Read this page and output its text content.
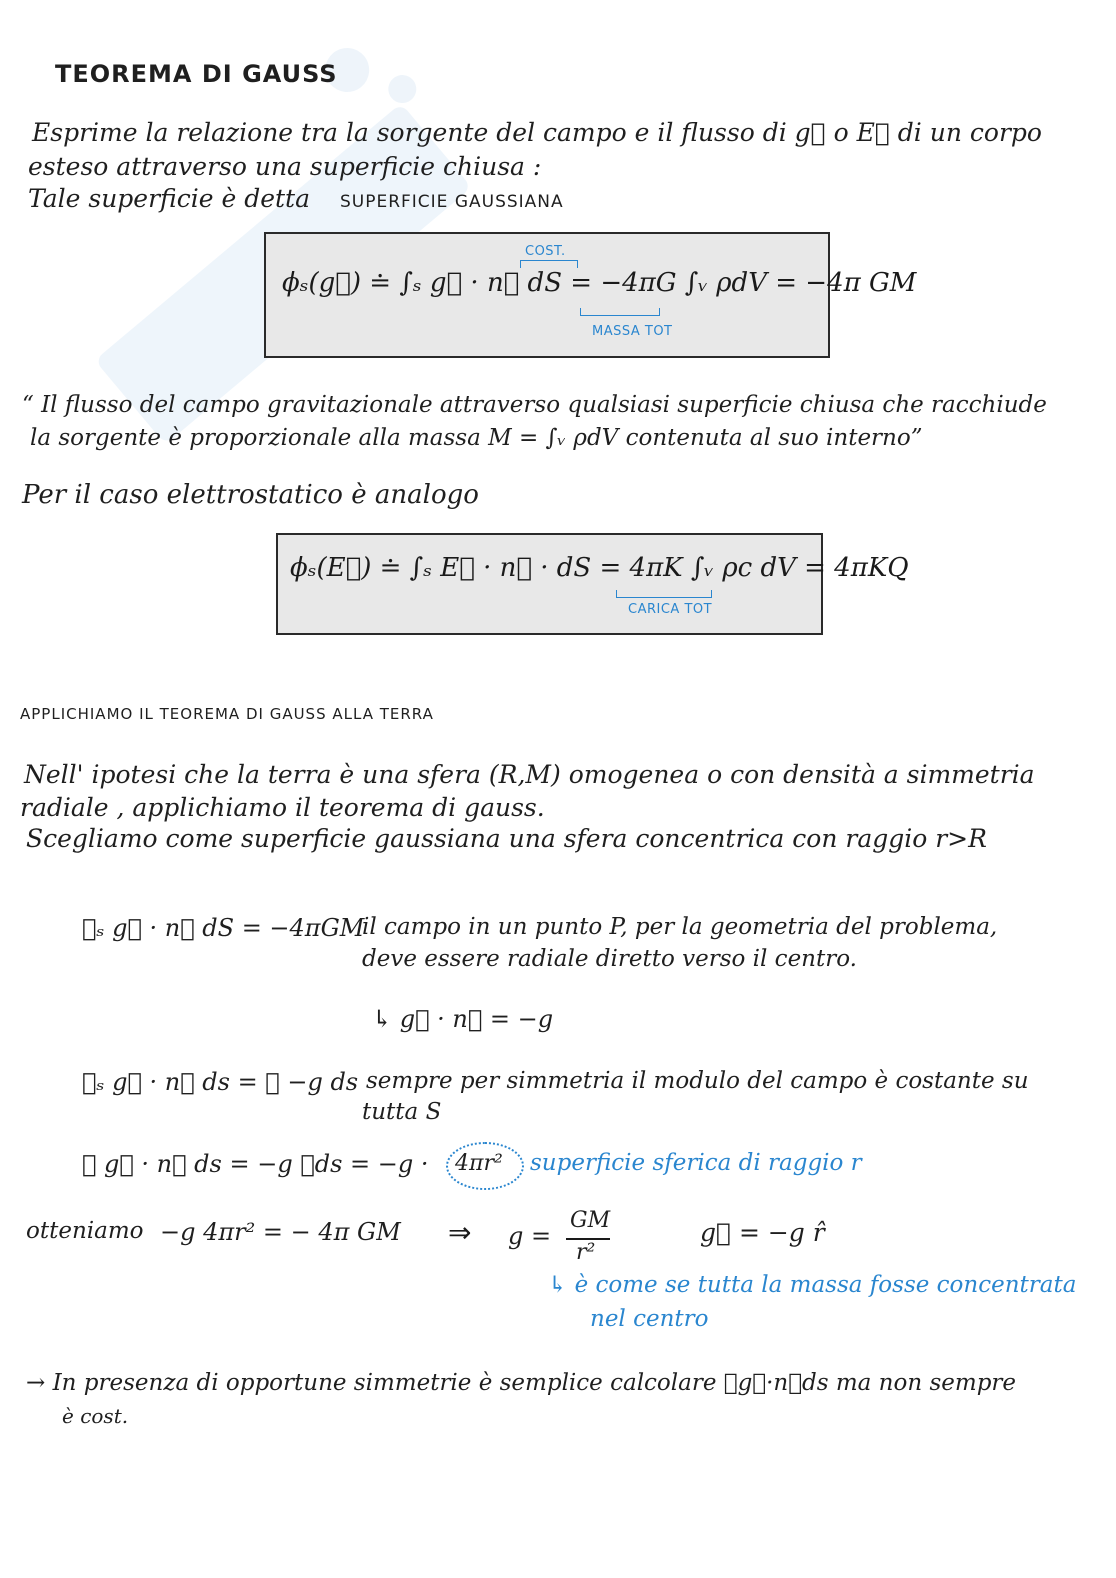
TEOREMA DI GAUSS
Esprime la relazione tra la sorgente del campo e il flusso di g⃗ o E⃗ di un corpo
esteso attraverso una superficie chiusa :
Tale superficie è detta SUPERFICIE GAUSSIANA
COST.
ϕₛ(g⃗) ≐ ∫ₛ g⃗ · n⃗ dS = −4πG ∫ᵥ ρdV = −4π GM
MASSA TOT
“ Il flusso del campo gravitazionale attraverso qualsiasi superficie chiusa che racchiude
la sorgente è proporzionale alla massa M = ∫ᵥ ρdV contenuta al suo interno”
Per il caso elettrostatico è analogo
ϕₛ(E⃗) ≐ ∫ₛ E⃗ · n⃗ · dS = 4πK ∫ᵥ ρc dV = 4πKQ
CARICA TOT
APPLICHIAMO IL TEOREMA DI GAUSS ALLA TERRA
Nell' ipotesi che la terra è una sfera (R,M) omogenea o con densità a simmetria
radiale , applichiamo il teorema di gauss.
Scegliamo come superficie gaussiana una sfera concentrica con raggio r>R
∮ₛ g⃗ · n⃗ dS = −4πGM
il campo in un punto P, per la geometria del problema,
deve essere radiale diretto verso il centro.
↳ g⃗ · n⃗ = −g
∮ₛ g⃗ · n⃗ ds = ∮ −g ds sempre per simmetria il modulo del campo è costante su
tutta S
∮ g⃗ · n⃗ ds = −g ∮ds = −g · 4πr² superficie sferica di raggio r
otteniamo −g 4πr² = − 4π GM ⇒ g =
GM
r²
g⃗ = −g r̂
↳ è come se tutta la massa fosse concentrata
nel centro
→ In presenza di opportune simmetrie è semplice calcolare ∮g⃗·n⃗ds ma non sempre
è cost.
